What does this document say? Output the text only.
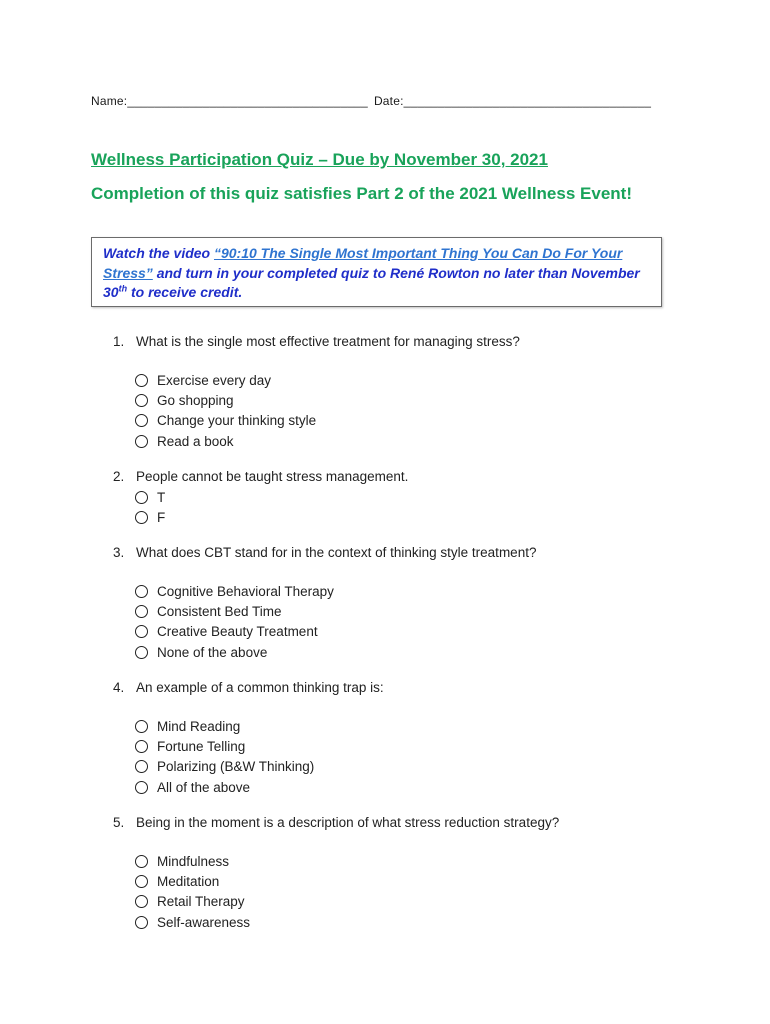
Name:___________________________________ Date:____________________________________
Wellness Participation Quiz – Due by November 30, 2021
Completion of this quiz satisfies Part 2 of the 2021 Wellness Event!
Watch the video “90:10 The Single Most Important Thing You Can Do For Your Stress” and turn in your completed quiz to René Rowton no later than November 30th to receive credit.
1. What is the single most effective treatment for managing stress?
Exercise every day
Go shopping
Change your thinking style
Read a book
2. People cannot be taught stress management.
T
F
3. What does CBT stand for in the context of thinking style treatment?
Cognitive Behavioral Therapy
Consistent Bed Time
Creative Beauty Treatment
None of the above
4. An example of a common thinking trap is:
Mind Reading
Fortune Telling
Polarizing (B&W Thinking)
All of the above
5. Being in the moment is a description of what stress reduction strategy?
Mindfulness
Meditation
Retail Therapy
Self-awareness
